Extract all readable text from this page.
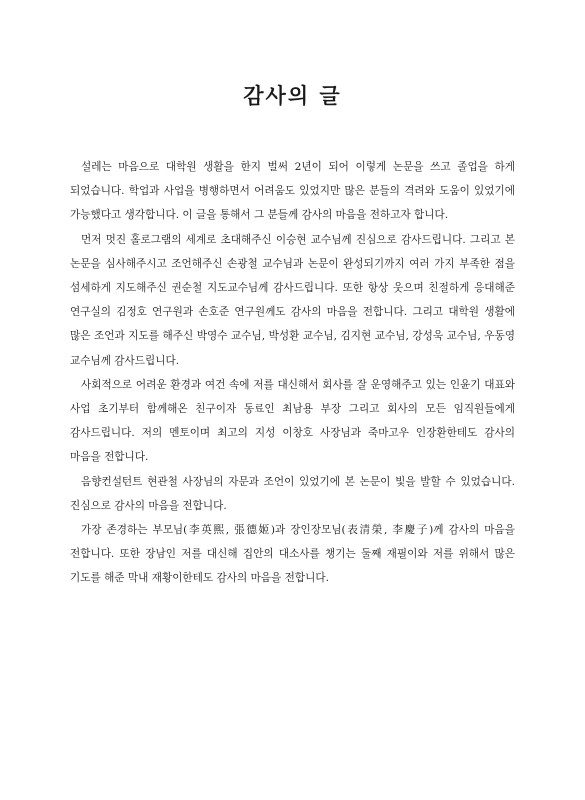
감사의 글

설레는 마음으로 대학원 생활을 한지 벌써 2년이 되어 이렇게 논문을 쓰고 졸업을 하게 되었습니다. 학업과 사업을 병행하면서 어려움도 있었지만 많은 분들의 격려와 도움이 있었기에 가능했다고 생각합니다. 이 글을 통해서 그 분들께 감사의 마음을 전하고자 합니다.

먼저 멋진 홀로그램의 세계로 초대해주신 이승현 교수님께 진심으로 감사드립니다. 그리고 본 논문을 심사해주시고 조언해주신 손광철 교수님과 논문이 완성되기까지 여러 가지 부족한 점을 섬세하게 지도해주신 권순철 지도교수님께 감사드립니다. 또한 항상 웃으며 친절하게 응대해준 연구실의 김정호 연구원과 손호준 연구원께도 감사의 마음을 전합니다. 그리고 대학원 생활에 많은 조언과 지도를 해주신 박영수 교수님, 박성환 교수님, 김지현 교수님, 강성욱 교수님, 우동영 교수님께 감사드립니다.

사회적으로 어려운 환경과 여건 속에 저를 대신해서 회사를 잘 운영해주고 있는 인윤기 대표와 사업 초기부터 함께해온 친구이자 동료인 최남용 부장 그리고 회사의 모든 임직원들에게 감사드립니다. 저의 멘토이며 최고의 지성 이창호 사장님과 죽마고우 인장환한테도 감사의 마음을 전합니다.

음향컨설턴트 현관철 사장님의 자문과 조언이 있었기에 본 논문이 빛을 발할 수 있었습니다. 진심으로 감사의 마음을 전합니다.

가장 존경하는 부모님(李英熙, 張德姬)과 장인장모님(表清榮, 李慶子)께 감사의 마음을 전합니다. 또한 장남인 저를 대신해 집안의 대소사를 챙기는 둘째 재필이와 저를 위해서 많은 기도를 해준 막내 재황이한테도 감사의 마음을 전합니다.
